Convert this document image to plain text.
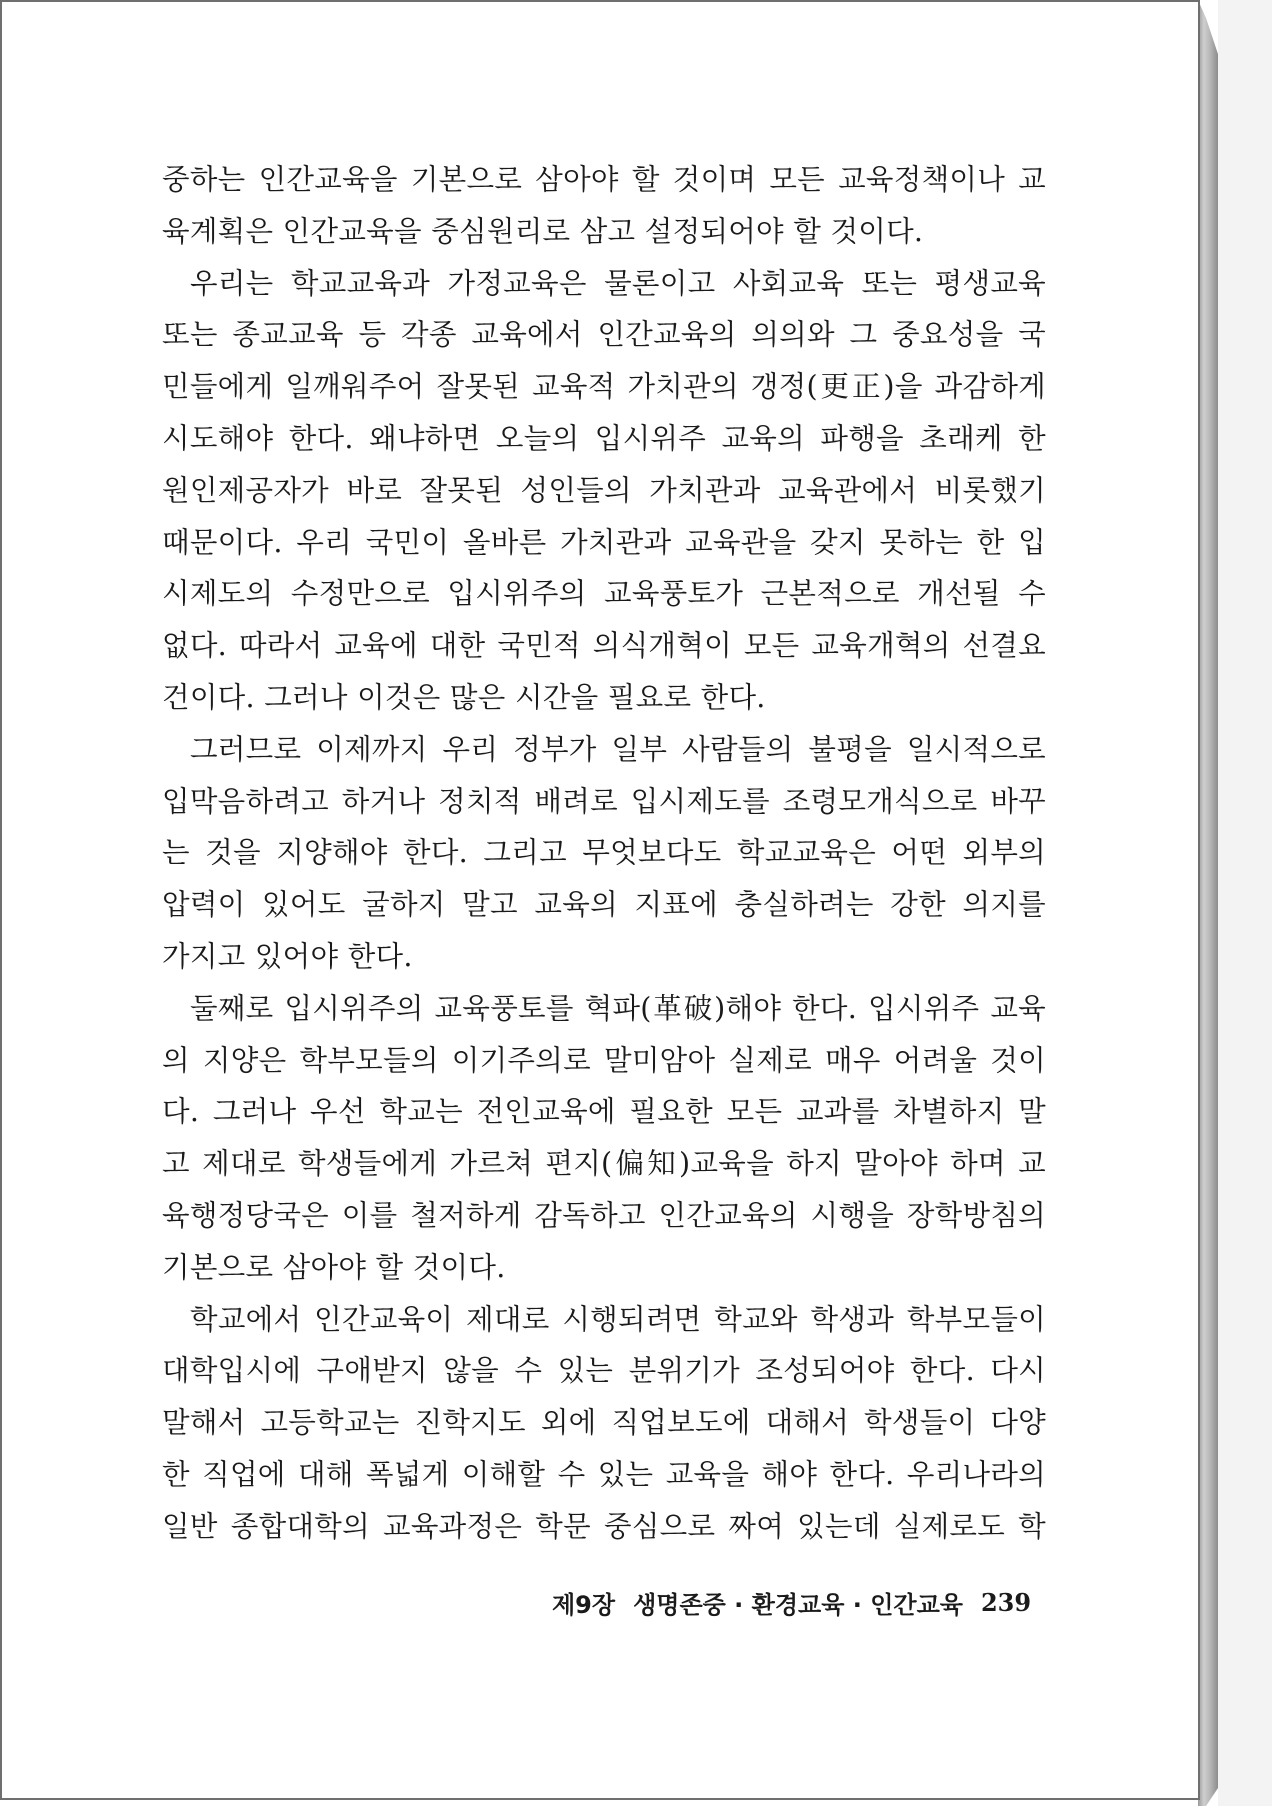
중하는 인간교육을 기본으로 삼아야 할 것이며 모든 교육정책이나 교
육계획은 인간교육을 중심원리로 삼고 설정되어야 할 것이다.
우리는 학교교육과 가정교육은 물론이고 사회교육 또는 평생교육
또는 종교교육 등 각종 교육에서 인간교육의 의의와 그 중요성을 국
민들에게 일깨워주어 잘못된 교육적 가치관의 갱정(更正)을 과감하게
시도해야 한다. 왜냐하면 오늘의 입시위주 교육의 파행을 초래케 한
원인제공자가 바로 잘못된 성인들의 가치관과 교육관에서 비롯했기
때문이다. 우리 국민이 올바른 가치관과 교육관을 갖지 못하는 한 입
시제도의 수정만으로 입시위주의 교육풍토가 근본적으로 개선될 수
없다. 따라서 교육에 대한 국민적 의식개혁이 모든 교육개혁의 선결요
건이다. 그러나 이것은 많은 시간을 필요로 한다.
그러므로 이제까지 우리 정부가 일부 사람들의 불평을 일시적으로
입막음하려고 하거나 정치적 배려로 입시제도를 조령모개식으로 바꾸
는 것을 지양해야 한다. 그리고 무엇보다도 학교교육은 어떤 외부의
압력이 있어도 굴하지 말고 교육의 지표에 충실하려는 강한 의지를
가지고 있어야 한다.
둘째로 입시위주의 교육풍토를 혁파(革破)해야 한다. 입시위주 교육
의 지양은 학부모들의 이기주의로 말미암아 실제로 매우 어려울 것이
다. 그러나 우선 학교는 전인교육에 필요한 모든 교과를 차별하지 말
고 제대로 학생들에게 가르쳐 편지(偏知)교육을 하지 말아야 하며 교
육행정당국은 이를 철저하게 감독하고 인간교육의 시행을 장학방침의
기본으로 삼아야 할 것이다.
학교에서 인간교육이 제대로 시행되려면 학교와 학생과 학부모들이
대학입시에 구애받지 않을 수 있는 분위기가 조성되어야 한다. 다시
말해서 고등학교는 진학지도 외에 직업보도에 대해서 학생들이 다양
한 직업에 대해 폭넓게 이해할 수 있는 교육을 해야 한다. 우리나라의
일반 종합대학의 교육과정은 학문 중심으로 짜여 있는데 실제로도 학
제9장 생명존중 · 환경교육 · 인간교육 239
